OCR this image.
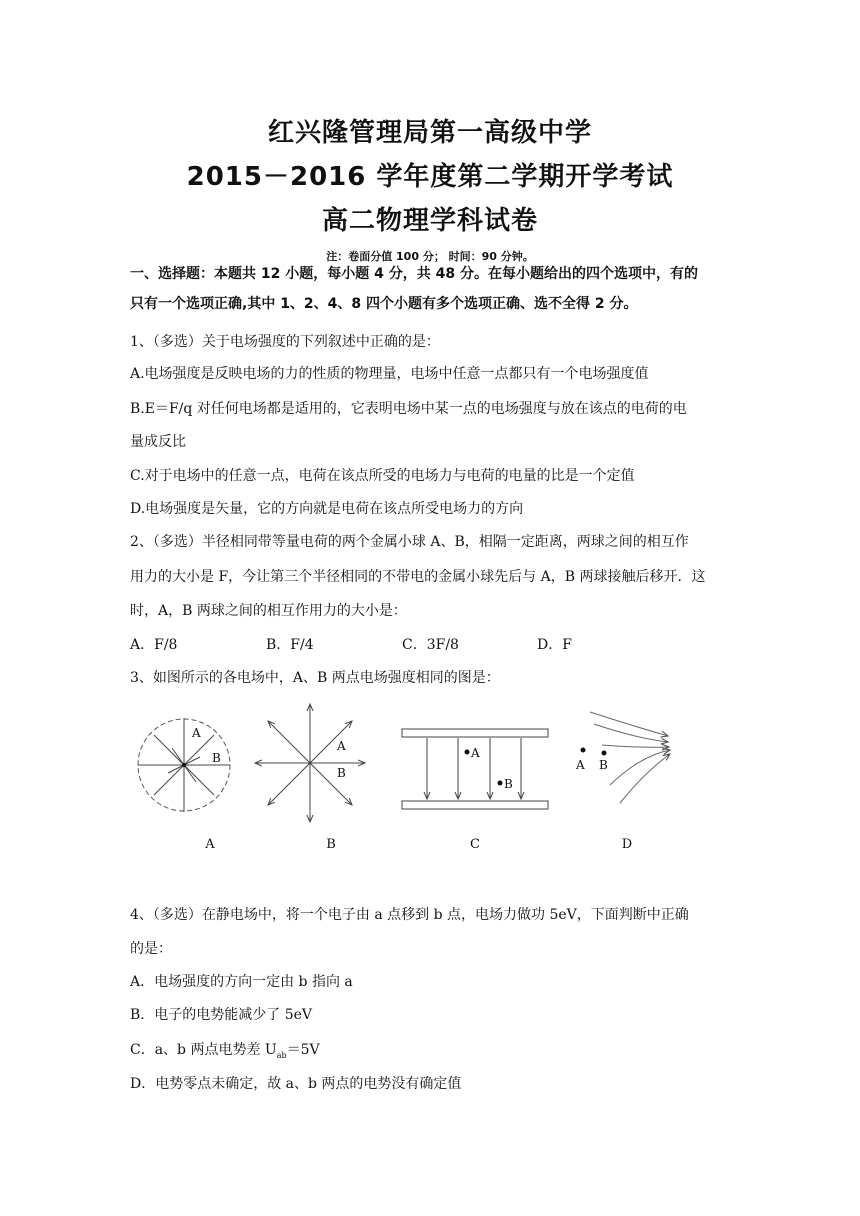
红兴隆管理局第一高级中学
2015－2016 学年度第二学期开学考试
高二物理学科试卷
注：卷面分值 100 分； 时间：90 分钟。
一、选择题：本题共 12 小题，每小题 4 分，共 48 分。在每小题给出的四个选项中，有的
只有一个选项正确,其中 1、2、4、8 四个小题有多个选项正确、选不全得 2 分。
1、（多选）关于电场强度的下列叙述中正确的是：
A.电场强度是反映电场的力的性质的物理量，电场中任意一点都只有一个电场强度值
B.E＝F/q 对任何电场都是适用的，它表明电场中某一点的电场强度与放在该点的电荷的电
量成反比
C.对于电场中的任意一点，电荷在该点所受的电场力与电荷的电量的比是一个定值
D.电场强度是矢量，它的方向就是电荷在该点所受电场力的方向
2、（多选）半径相同带等量电荷的两个金属小球 A、B，相隔一定距离，两球之间的相互作
用力的大小是 F，今让第三个半径相同的不带电的金属小球先后与 A，B 两球接触后移开．这
时，A，B 两球之间的相互作用力的大小是：
A．F/8	B．F/4	C．3F/8	D．F
3、如图所示的各电场中，A、B 两点电场强度相同的图是：
A
B
A
B
A
B
A B
A	B	C	D
4、（多选）在静电场中，将一个电子由 a 点移到 b 点，电场力做功 5eV，下面判断中正确
的是：
A．电场强度的方向一定由 b 指向 a
B．电子的电势能减少了 5eV
C．a、b 两点电势差 $U_{ab}=5V$
D．电势零点未确定，故 a、b 两点的电势没有确定值
